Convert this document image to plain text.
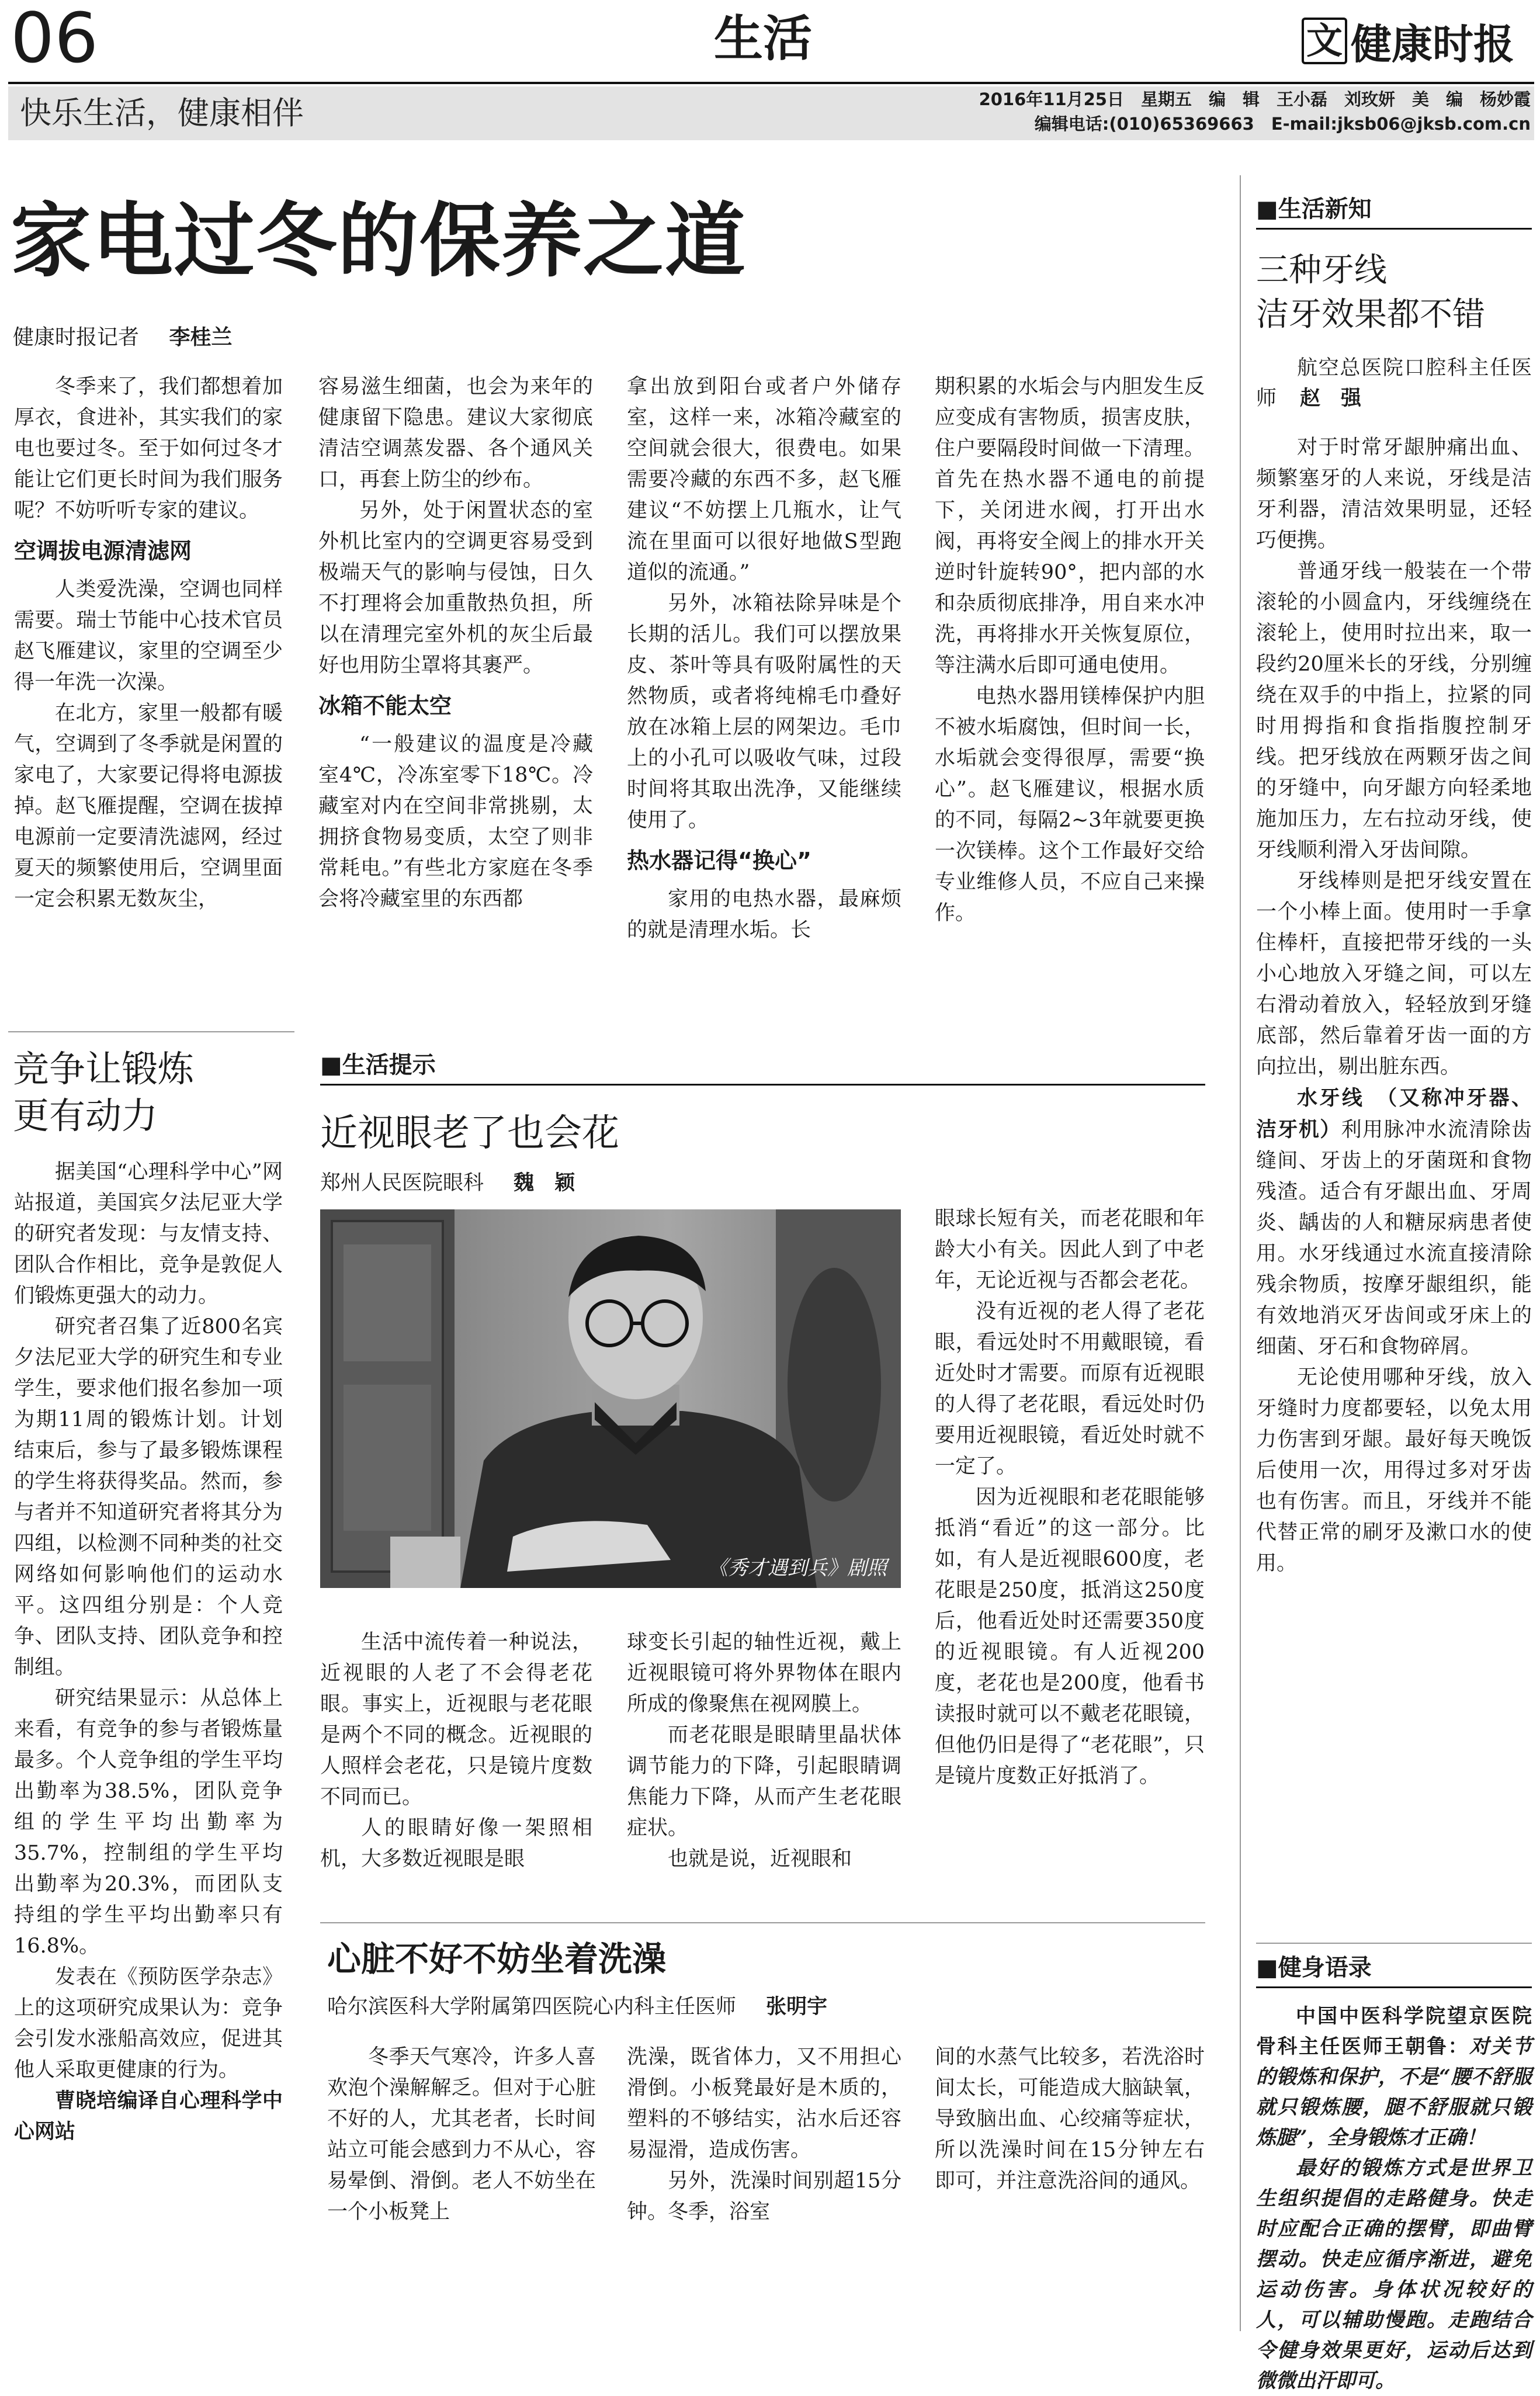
06	生活	文 健康时报
快乐生活，健康相伴	2016年11月25日　星期五　编　辑　王小磊　刘玫妍　美　编　杨妙霞
编辑电话:(010)65369663　E-mail:jksb06@jksb.com.cn
家电过冬的保养之道
健康时报记者 李桂兰

冬季来了，我们都想着加厚衣，食进补，其实我们的家电也要过冬。至于如何过冬才能让它们更长时间为我们服务呢？不妨听听专家的建议。

空调拔电源清滤网

人类爱洗澡，空调也同样需要。瑞士节能中心技术官员赵飞雁建议，家里的空调至少得一年洗一次澡。

在北方，家里一般都有暖气，空调到了冬季就是闲置的家电了，大家要记得将电源拔掉。赵飞雁提醒，空调在拔掉电源前一定要清洗滤网，经过夏天的频繁使用后，空调里面一定会积累无数灰尘，

容易滋生细菌，也会为来年的健康留下隐患。建议大家彻底清洁空调蒸发器、各个通风关口，再套上防尘的纱布。

另外，处于闲置状态的室外机比室内的空调更容易受到极端天气的影响与侵蚀，日久不打理将会加重散热负担，所以在清理完室外机的灰尘后最好也用防尘罩将其裹严。

冰箱不能太空

“一般建议的温度是冷藏室4℃，冷冻室零下18℃。冷藏室对内在空间非常挑剔，太拥挤食物易变质，太空了则非常耗电。”有些北方家庭在冬季会将冷藏室里的东西都

拿出放到阳台或者户外储存室，这样一来，冰箱冷藏室的空间就会很大，很费电。如果需要冷藏的东西不多，赵飞雁建议“不妨摆上几瓶水，让气流在里面可以很好地做S型跑道似的流通。”

另外，冰箱祛除异味是个长期的活儿。我们可以摆放果皮、茶叶等具有吸附属性的天然物质，或者将纯棉毛巾叠好放在冰箱上层的网架边。毛巾上的小孔可以吸收气味，过段时间将其取出洗净，又能继续使用了。

热水器记得“换心”

家用的电热水器，最麻烦的就是清理水垢。长

期积累的水垢会与内胆发生反应变成有害物质，损害皮肤，住户要隔段时间做一下清理。首先在热水器不通电的前提下，关闭进水阀，打开出水阀，再将安全阀上的排水开关逆时针旋转90°，把内部的水和杂质彻底排净，用自来水冲洗，再将排水开关恢复原位，等注满水后即可通电使用。

电热水器用镁棒保护内胆不被水垢腐蚀，但时间一长，水垢就会变得很厚，需要“换心”。赵飞雁建议，根据水质的不同，每隔2~3年就要更换一次镁棒。这个工作最好交给专业维修人员，不应自己来操作。

竞争让锻炼
更有动力

据美国“心理科学中心”网站报道，美国宾夕法尼亚大学的研究者发现：与友情支持、团队合作相比，竞争是敦促人们锻炼更强大的动力。

研究者召集了近800名宾夕法尼亚大学的研究生和专业学生，要求他们报名参加一项为期11周的锻炼计划。计划结束后，参与了最多锻炼课程的学生将获得奖品。然而，参与者并不知道研究者将其分为四组，以检测不同种类的社交网络如何影响他们的运动水平。这四组分别是：个人竞争、团队支持、团队竞争和控制组。

研究结果显示：从总体上来看，有竞争的参与者锻炼量最多。个人竞争组的学生平均出勤率为38.5%，团队竞争组的学生平均出勤率为35.7%，控制组的学生平均出勤率为20.3%，而团队支持组的学生平均出勤率只有16.8%。

发表在《预防医学杂志》上的这项研究成果认为：竞争会引发水涨船高效应，促进其他人采取更健康的行为。

曹晓培编译自心理科学中心网站

■生活提示
近视眼老了也会花
郑州人民医院眼科 魏　颖
《秀才遇到兵》剧照

眼球长短有关，而老花眼和年龄大小有关。因此人到了中老年，无论近视与否都会老花。

没有近视的老人得了老花眼，看远处时不用戴眼镜，看近处时才需要。而原有近视眼的人得了老花眼，看远处时仍要用近视眼镜，看近处时就不一定了。

因为近视眼和老花眼能够抵消“看近”的这一部分。比如，有人是近视眼600度，老花眼是250度，抵消这250度后，他看近处时还需要350度的近视眼镜。有人近视200度，老花也是200度，他看书读报时就可以不戴老花眼镜，但他仍旧是得了“老花眼”，只是镜片度数正好抵消了。

生活中流传着一种说法，近视眼的人老了不会得老花眼。事实上，近视眼与老花眼是两个不同的概念。近视眼的人照样会老花，只是镜片度数不同而已。

人的眼睛好像一架照相机，大多数近视眼是眼

球变长引起的轴性近视，戴上近视眼镜可将外界物体在眼内所成的像聚焦在视网膜上。

而老花眼是眼睛里晶状体调节能力的下降，引起眼睛调焦能力下降，从而产生老花眼症状。

也就是说，近视眼和

心脏不好不妨坐着洗澡
哈尔滨医科大学附属第四医院心内科主任医师 张明宇

冬季天气寒冷，许多人喜欢泡个澡解解乏。但对于心脏不好的人，尤其老者，长时间站立可能会感到力不从心，容易晕倒、滑倒。老人不妨坐在一个小板凳上

洗澡，既省体力，又不用担心滑倒。小板凳最好是木质的，塑料的不够结实，沾水后还容易湿滑，造成伤害。

另外，洗澡时间别超15分钟。冬季，浴室

间的水蒸气比较多，若洗浴时间太长，可能造成大脑缺氧，导致脑出血、心绞痛等症状，所以洗澡时间在15分钟左右即可，并注意洗浴间的通风。

■生活新知
三种牙线
洁牙效果都不错
航空总医院口腔科主任医师 赵　强

对于时常牙龈肿痛出血、频繁塞牙的人来说，牙线是洁牙利器，清洁效果明显，还轻巧便携。

普通牙线一般装在一个带滚轮的小圆盒内，牙线缠绕在滚轮上，使用时拉出来，取一段约20厘米长的牙线，分别缠绕在双手的中指上，拉紧的同时用拇指和食指指腹控制牙线。把牙线放在两颗牙齿之间的牙缝中，向牙龈方向轻柔地施加压力，左右拉动牙线，使牙线顺利滑入牙齿间隙。

牙线棒则是把牙线安置在一个小棒上面。使用时一手拿住棒杆，直接把带牙线的一头小心地放入牙缝之间，可以左右滑动着放入，轻轻放到牙缝底部，然后靠着牙齿一面的方向拉出，剔出脏东西。

水牙线　（又称冲牙器、洁牙机）利用脉冲水流清除齿缝间、牙齿上的牙菌斑和食物残渣。适合有牙龈出血、牙周炎、龋齿的人和糖尿病患者使用。水牙线通过水流直接清除残余物质，按摩牙龈组织，能有效地消灭牙齿间或牙床上的细菌、牙石和食物碎屑。

无论使用哪种牙线，放入牙缝时力度都要轻，以免太用力伤害到牙龈。最好每天晚饭后使用一次，用得过多对牙齿也有伤害。而且，牙线并不能代替正常的刷牙及漱口水的使用。

■健身语录

中国中医科学院望京医院骨科主任医师王朝鲁：对关节的锻炼和保护，不是“腰不舒服就只锻炼腰，腿不舒服就只锻炼腿”，全身锻炼才正确！

最好的锻炼方式是世界卫生组织提倡的走路健身。快走时应配合正确的摆臂，即曲臂摆动。快走应循序渐进，避免运动伤害。身体状况较好的人，可以辅助慢跑。走跑结合令健身效果更好，运动后达到微微出汗即可。
